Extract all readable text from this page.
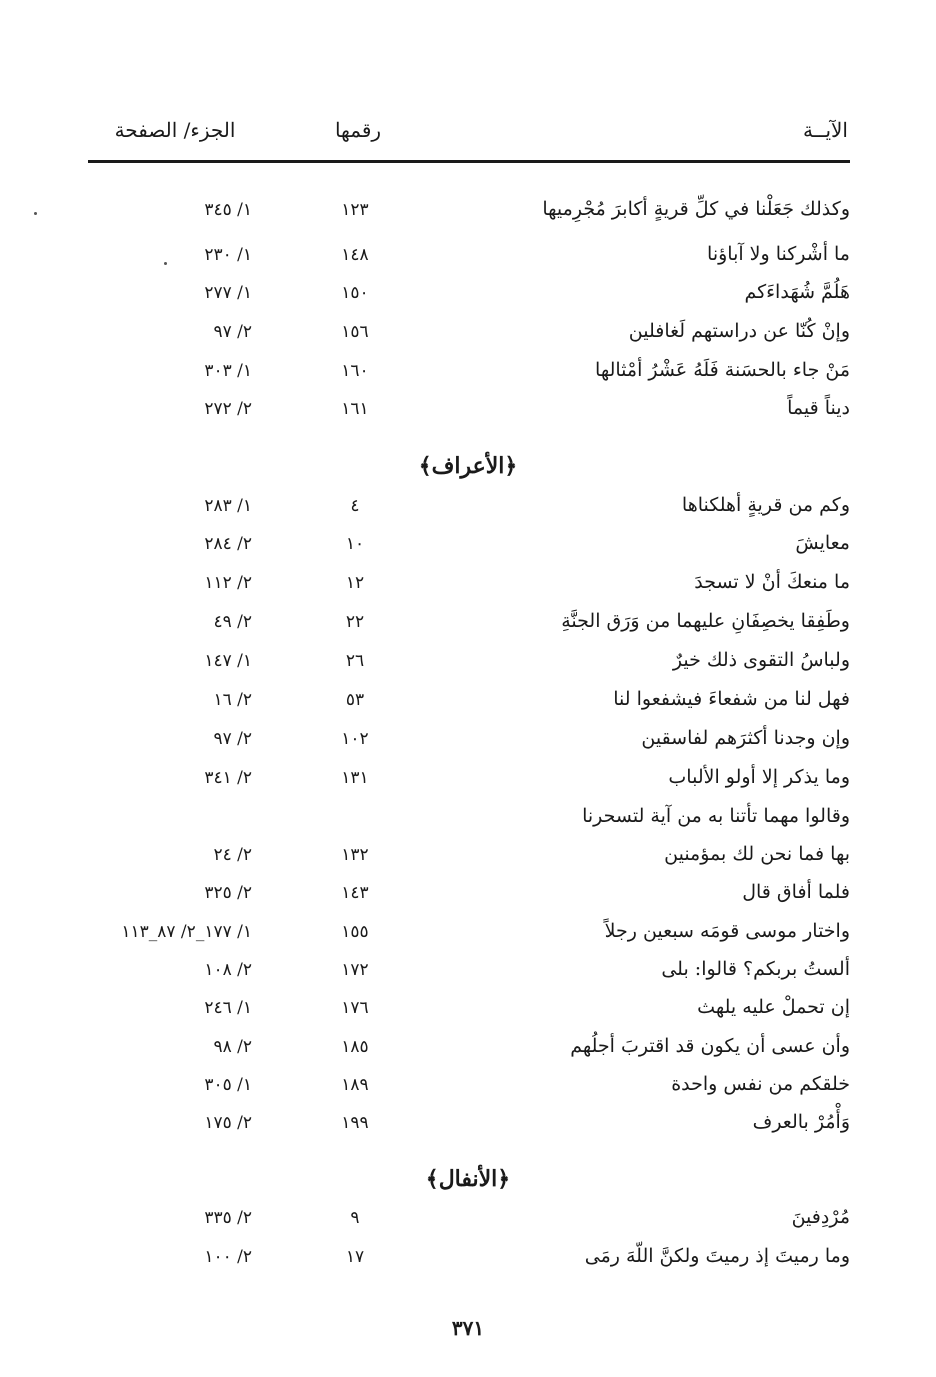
الآيــة
رقمها
الجزء/ الصفحة
وكذلك جَعَلْنا في كلِّ قريةٍ أكابرَ مُجْرِميها
١٢٣
١/ ٣٤٥
ما أشْركنا ولا آباؤنا
١٤٨
١/ ٢٣٠
هَلُمَّ شُهَداءَكم
١٥٠
١/ ٢٧٧
وإنْ كُنّا عن دراستهم لَغافلين
١٥٦
٢/ ٩٧
مَنْ جاء بالحسَنة فَلَهُ عَشْرُ أمْثالها
١٦٠
١/ ٣٠٣
ديناً قيماً
١٦١
٢/ ٢٧٢
﴿الأعراف﴾
وكم من قريةٍ أهلكناها
٤
١/ ٢٨٣
معايشَ
١٠
٢/ ٢٨٤
ما منعكَ أنْ لا تسجدَ
١٢
٢/ ١١٢
وطَفِقا يخصِفَانِ عليهما من وَرَق الجنَّةِ
٢٢
٢/ ٤٩
ولباسُ التقوى ذلك خيرٌ
٢٦
١/ ١٤٧
فهل لنا من شفعاءَ فيشفعوا لنا
٥٣
٢/ ١٦
وإن وجدنا أكثرَهم لفاسقين
١٠٢
٢/ ٩٧
وما يذكر إلا أولو الألباب
١٣١
٢/ ٣٤١
وقالوا مهما تأتنا به من آية لتسحرنا
بها فما نحن لك بمؤمنين
١٣٢
٢/ ٢٤
فلما أفاق قال
١٤٣
٢/ ٣٢٥
واختار موسى قومَه سبعين رجلاً
١٥٥
١/ ١٧٧_٢/ ٨٧_١١٣
ألستُ بربكم؟ قالوا: بلى
١٧٢
٢/ ١٠٨
إن تحملْ عليه يلهث
١٧٦
١/ ٢٤٦
وأن عسى أن يكون قد اقتربَ أجلُهم
١٨٥
٢/ ٩٨
خلقكم من نفس واحدة
١٨٩
١/ ٣٠٥
وَأْمُرْ بالعرف
١٩٩
٢/ ١٧٥
﴿الأنفال﴾
مُرْدِفينَ
٩
٢/ ٣٣٥
وما رميتَ إذ رميتَ ولكنَّ اللّهَ رمَى
١٧
٢/ ١٠٠
٣٧١
